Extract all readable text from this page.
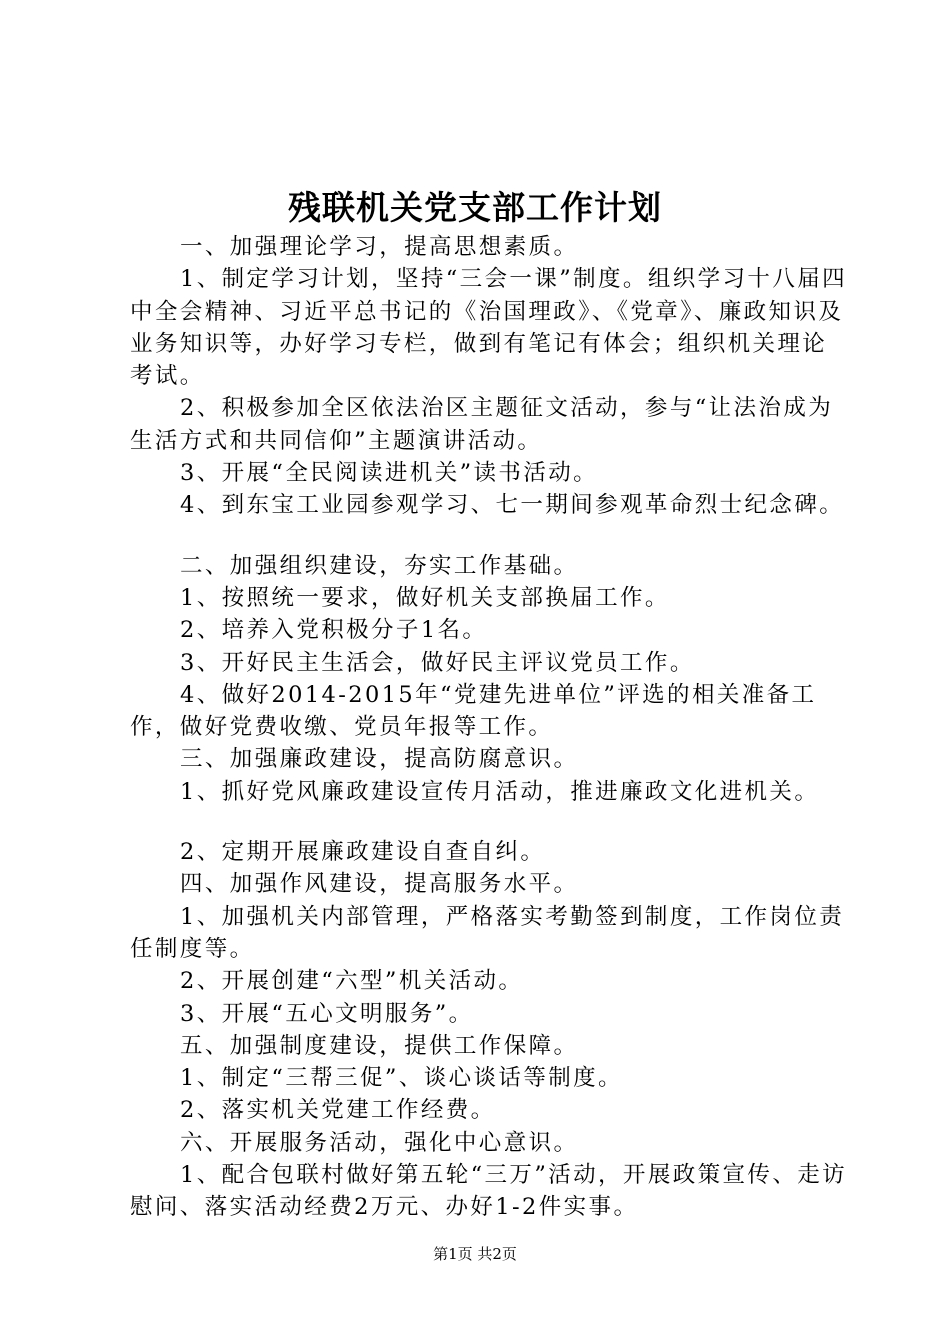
残联机关党支部工作计划

一、加强理论学习，提高思想素质。

1、制定学习计划，坚持“三会一课”制度。组织学习十八届四中全会精神、习近平总书记的《治国理政》、《党章》、廉政知识及业务知识等，办好学习专栏，做到有笔记有体会；组织机关理论考试。

2、积极参加全区依法治区主题征文活动，参与“让法治成为生活方式和共同信仰”主题演讲活动。

3、开展“全民阅读进机关”读书活动。

4、到东宝工业园参观学习、七一期间参观革命烈士纪念碑。

二、加强组织建设，夯实工作基础。

1、按照统一要求，做好机关支部换届工作。

2、培养入党积极分子1名。

3、开好民主生活会，做好民主评议党员工作。

4、做好2014-2015年“党建先进单位”评选的相关准备工作，做好党费收缴、党员年报等工作。

三、加强廉政建设，提高防腐意识。

1、抓好党风廉政建设宣传月活动，推进廉政文化进机关。

2、定期开展廉政建设自查自纠。

四、加强作风建设，提高服务水平。

1、加强机关内部管理，严格落实考勤签到制度，工作岗位责任制度等。

2、开展创建“六型”机关活动。

3、开展“五心文明服务”。

五、加强制度建设，提供工作保障。

1、制定“三帮三促”、谈心谈话等制度。

2、落实机关党建工作经费。

六、开展服务活动，强化中心意识。

1、配合包联村做好第五轮“三万”活动，开展政策宣传、走访慰问、落实活动经费2万元、办好1-2件实事。

第1页 共2页
